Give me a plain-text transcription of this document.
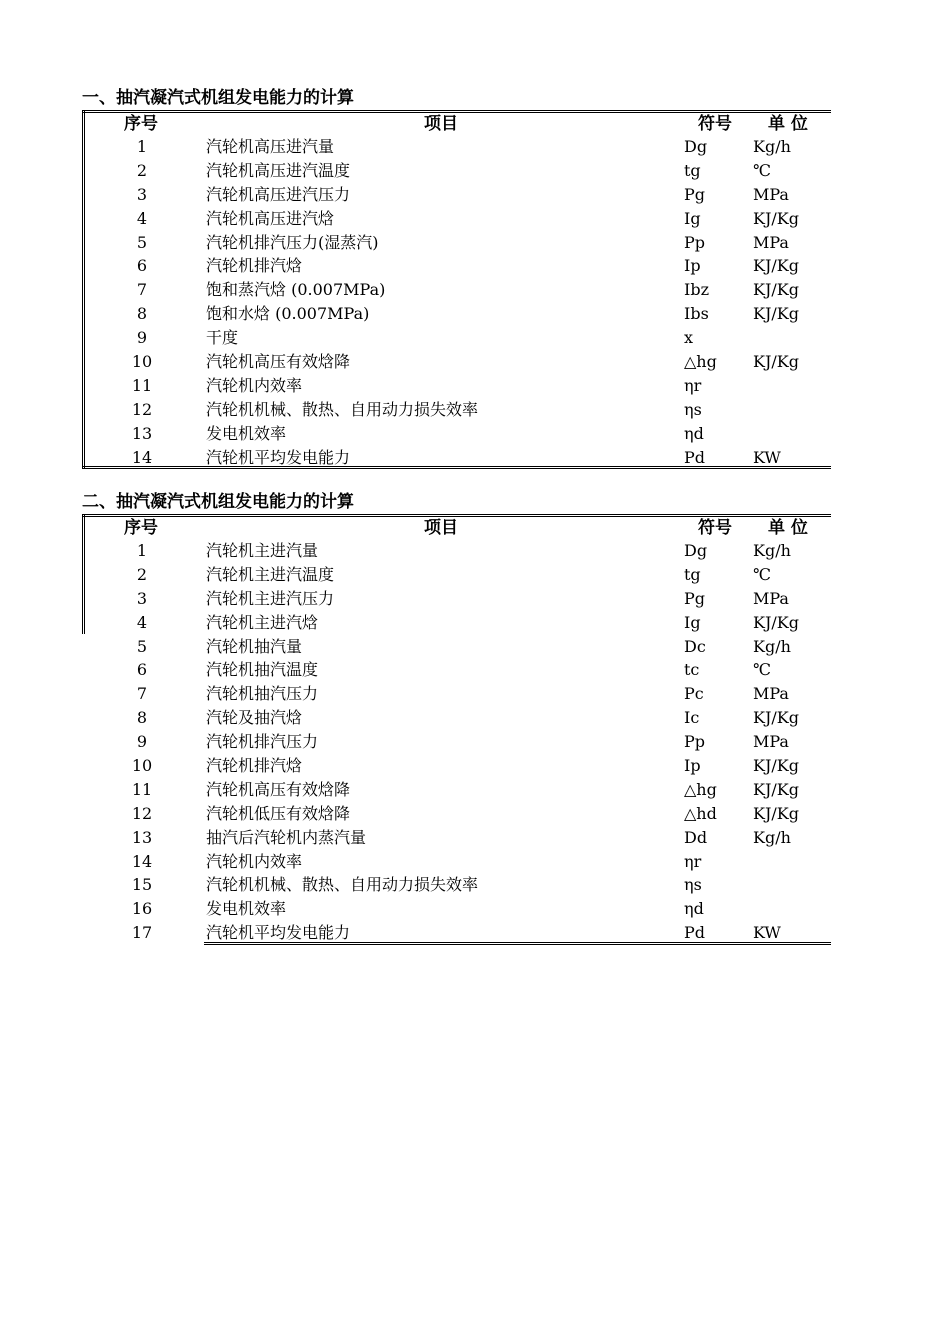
一、抽汽凝汽式机组发电能力的计算
序号	项目	符号 单 位
1	汽轮机高压进汽量	Dg	Kg/h
2	汽轮机高压进汽温度	tg	℃
3	汽轮机高压进汽压力	Pg	MPa
4	汽轮机高压进汽焓	Ig	KJ/Kg
5	汽轮机排汽压力(湿蒸汽)	Pp	MPa
6	汽轮机排汽焓	Ip	KJ/Kg
7	饱和蒸汽焓 (0.007MPa)	Ibz	KJ/Kg
8	饱和水焓 (0.007MPa)	Ibs	KJ/Kg
9	干度	x
10	汽轮机高压有效焓降	△hg KJ/Kg
11	汽轮机内效率	ηr
12	汽轮机机械、散热、自用动力损失效率	ηs
13	发电机效率	ηd
14	汽轮机平均发电能力	Pd	KW
二、抽汽凝汽式机组发电能力的计算
序号	项目	符号 单 位
1	汽轮机主进汽量	Dg	Kg/h
2	汽轮机主进汽温度	tg	℃
3	汽轮机主进汽压力	Pg	MPa
4	汽轮机主进汽焓	Ig	KJ/Kg
5	汽轮机抽汽量	Dc	Kg/h
6	汽轮机抽汽温度	tc	℃
7	汽轮机抽汽压力	Pc	MPa
8	汽轮及抽汽焓	Ic	KJ/Kg
9	汽轮机排汽压力	Pp	MPa
10	汽轮机排汽焓	Ip	KJ/Kg
11	汽轮机高压有效焓降	△hg KJ/Kg
12	汽轮机低压有效焓降	△hd KJ/Kg
13	抽汽后汽轮机内蒸汽量	Dd	Kg/h
14	汽轮机内效率	ηr
15	汽轮机机械、散热、自用动力损失效率	ηs
16	发电机效率	ηd
17	汽轮机平均发电能力	Pd	KW
